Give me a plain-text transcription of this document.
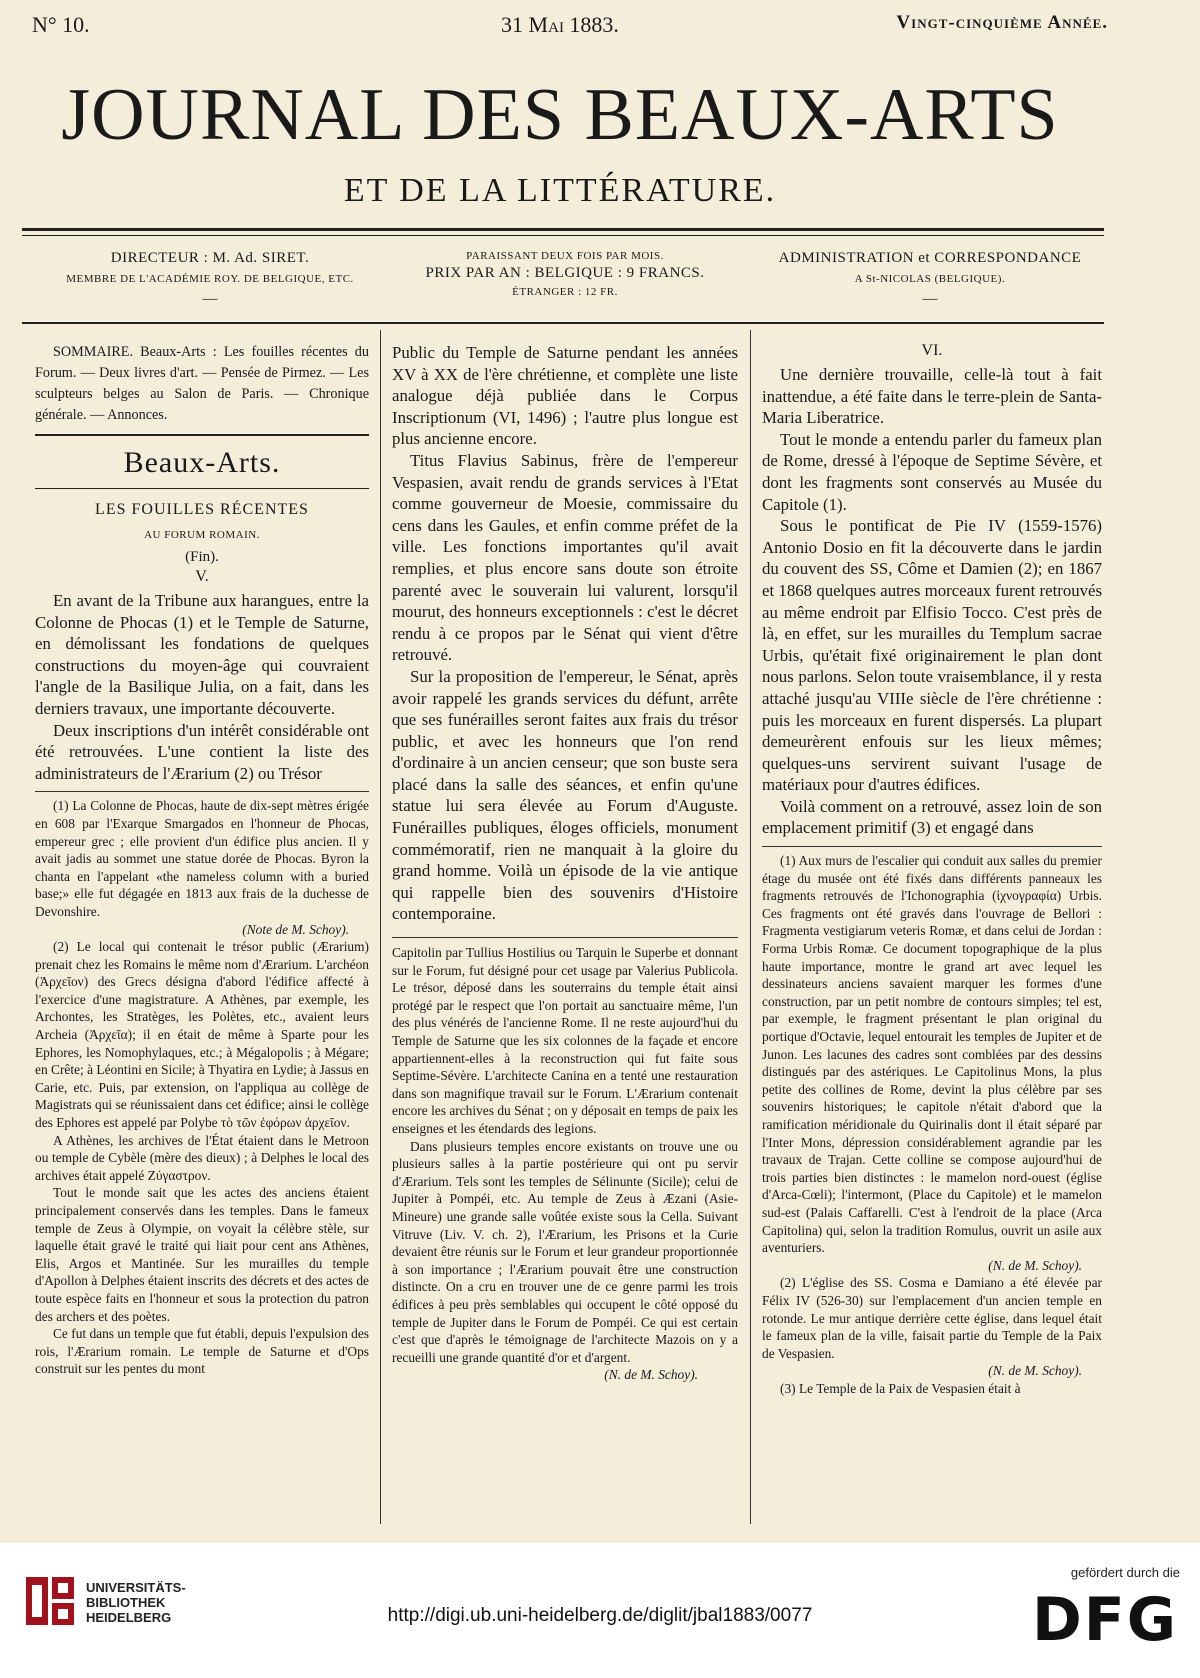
N° 10.	31 Mai 1883.	Vingt-cinquième Année.
JOURNAL DES BEAUX-ARTS
ET DE LA LITTÉRATURE.
DIRECTEUR : M. Ad. SIRET.
MEMBRE DE L'ACADÉMIE ROY. DE BELGIQUE, ETC.
—
PARAISSANT DEUX FOIS PAR MOIS.
PRIX PAR AN : BELGIQUE : 9 FRANCS.
ÉTRANGER : 12 FR.
ADMINISTRATION et CORRESPONDANCE
A St-NICOLAS (BELGIQUE).
—

SOMMAIRE. Beaux-Arts : Les fouilles récentes du Forum. — Deux livres d'art. — Pensée de Pirmez. — Les sculpteurs belges au Salon de Paris. — Chronique générale. — Annonces.

Beaux-Arts.
LES FOUILLES RÉCENTES
AU FORUM ROMAIN.
(Fin).
V.

En avant de la Tribune aux harangues, entre la Colonne de Phocas (1) et le Temple de Saturne, en démolissant les fondations de quelques constructions du moyen-âge qui couvraient l'angle de la Basilique Julia, on a fait, dans les derniers travaux, une importante découverte.

Deux inscriptions d'un intérêt considérable ont été retrouvées. L'une contient la liste des administrateurs de l'Ærarium (2) ou Trésor

(1) La Colonne de Phocas, haute de dix-sept mètres érigée en 608 par l'Exarque Smargados en l'honneur de Phocas, empereur grec ; elle provient d'un édifice plus ancien. Il y avait jadis au sommet une statue dorée de Phocas. Byron la chanta en l'appelant «the nameless column with a buried base;» elle fut dégagée en 1813 aux frais de la duchesse de Devonshire.

(Note de M. Schoy).

(2) Le local qui contenait le trésor public (Ærarium) prenait chez les Romains le même nom d'Ærarium. L'archéon (Ἀρχεῖον) des Grecs désigna d'abord l'édifice affecté à l'exercice d'une magistrature. A Athènes, par exemple, les Archontes, les Stratèges, les Polètes, etc., avaient leurs Archeia (Ἀρχεῖα); il en était de même à Sparte pour les Ephores, les Nomophylaques, etc.; à Mégalopolis ; à Mégare; en Crête; à Léontini en Sicile; à Thyatira en Lydie; à Jassus en Carie, etc. Puis, par extension, on l'appliqua au collège de Magistrats qui se réunissaient dans cet édifice; ainsi le collège des Ephores est appelé par Polybe τὸ τῶν ἐφόρων ἀρχεῖον.

A Athènes, les archives de l'État étaient dans le Metroon ou temple de Cybèle (mère des dieux) ; à Delphes le local des archives était appelé Ζύγαστρον.

Tout le monde sait que les actes des anciens étaient principalement conservés dans les temples. Dans le fameux temple de Zeus à Olympie, on voyait la célèbre stèle, sur laquelle était gravé le traité qui liait pour cent ans Athènes, Elis, Argos et Mantinée. Sur les murailles du temple d'Apollon à Delphes étaient inscrits des décrets et des actes de toute espèce faits en l'honneur et sous la protection du patron des archers et des poètes.

Ce fut dans un temple que fut établi, depuis l'expulsion des rois, l'Ærarium romain. Le temple de Saturne et d'Ops construit sur les pentes du mont

Public du Temple de Saturne pendant les années XV à XX de l'ère chrétienne, et complète une liste analogue déjà publiée dans le Corpus Inscriptionum (VI, 1496) ; l'autre plus longue est plus ancienne encore.

Titus Flavius Sabinus, frère de l'empereur Vespasien, avait rendu de grands services à l'Etat comme gouverneur de Moesie, commissaire du cens dans les Gaules, et enfin comme préfet de la ville. Les fonctions importantes qu'il avait remplies, et plus encore sans doute son étroite parenté avec le souverain lui valurent, lorsqu'il mourut, des honneurs exceptionnels : c'est le décret rendu à ce propos par le Sénat qui vient d'être retrouvé.

Sur la proposition de l'empereur, le Sénat, après avoir rappelé les grands services du défunt, arrête que ses funérailles seront faites aux frais du trésor public, et avec les honneurs que l'on rend d'ordinaire à un ancien censeur; que son buste sera placé dans la salle des séances, et enfin qu'une statue lui sera élevée au Forum d'Auguste. Funérailles publiques, éloges officiels, monument commémoratif, rien ne manquait à la gloire du grand homme. Voilà un épisode de la vie antique qui rappelle bien des souvenirs d'Histoire contemporaine.

Capitolin par Tullius Hostilius ou Tarquin le Superbe et donnant sur le Forum, fut désigné pour cet usage par Valerius Publicola. Le trésor, déposé dans les souterrains du temple était ainsi protégé par le respect que l'on portait au sanctuaire même, l'un des plus vénérés de l'ancienne Rome. Il ne reste aujourd'hui du Temple de Saturne que les six colonnes de la façade et encore appartiennent-elles à la reconstruction qui fut faite sous Septime-Sévère. L'architecte Canina en a tenté une restauration dans son magnifique travail sur le Forum. L'Ærarium contenait encore les archives du Sénat ; on y déposait en temps de paix les enseignes et les étendards des legions.

Dans plusieurs temples encore existants on trouve une ou plusieurs salles à la partie postérieure qui ont pu servir d'Ærarium. Tels sont les temples de Sélinunte (Sicile); celui de Jupiter à Pompéi, etc. Au temple de Zeus à Æzani (Asie-Mineure) une grande salle voûtée existe sous la Cella. Suivant Vitruve (Liv. V. ch. 2), l'Ærarium, les Prisons et la Curie devaient être réunis sur le Forum et leur grandeur proportionnée à son importance ; l'Ærarium pouvait être une construction distincte. On a cru en trouver une de ce genre parmi les trois édifices à peu près semblables qui occupent le côté opposé du temple de Jupiter dans le Forum de Pompéi. Ce qui est certain c'est que d'après le témoignage de l'architecte Mazois on y a recueilli une grande quantité d'or et d'argent.

(N. de M. Schoy).
VI.

Une dernière trouvaille, celle-là tout à fait inattendue, a été faite dans le terre-plein de Santa-Maria Liberatrice.

Tout le monde a entendu parler du fameux plan de Rome, dressé à l'époque de Septime Sévère, et dont les fragments sont conservés au Musée du Capitole (1).

Sous le pontificat de Pie IV (1559-1576) Antonio Dosio en fit la découverte dans le jardin du couvent des SS, Côme et Damien (2); en 1867 et 1868 quelques autres morceaux furent retrouvés au même endroit par Elfisio Tocco. C'est près de là, en effet, sur les murailles du Templum sacrae Urbis, qu'était fixé originairement le plan dont nous parlons. Selon toute vraisemblance, il y resta attaché jusqu'au VIIIe siècle de l'ère chrétienne : puis les morceaux en furent dispersés. La plupart demeurèrent enfouis sur les lieux mêmes; quelques-uns servirent suivant l'usage de matériaux pour d'autres édifices.

Voilà comment on a retrouvé, assez loin de son emplacement primitif (3) et engagé dans

(1) Aux murs de l'escalier qui conduit aux salles du premier étage du musée ont été fixés dans différents panneaux les fragments retrouvés de l'Ichonographia (ἰχνογραφία) Urbis. Ces fragments ont été gravés dans l'ouvrage de Bellori : Fragmenta vestigiarum veteris Romæ, et dans celui de Jordan : Forma Urbis Romæ. Ce document topographique de la plus haute importance, montre le grand art avec lequel les dessinateurs anciens savaient marquer les formes d'une construction, par un petit nombre de contours simples; tel est, par exemple, le fragment présentant le plan original du portique d'Octavie, lequel entourait les temples de Jupiter et de Junon. Les lacunes des cadres sont comblées par des dessins distingués par des astériques. Le Capitolinus Mons, la plus petite des collines de Rome, devint la plus célèbre par ses souvenirs historiques; le capitole n'était d'abord que la ramification méridionale du Quirinalis dont il était séparé par l'Inter Mons, dépression considérablement agrandie par les travaux de Trajan. Cette colline se compose aujourd'hui de trois parties bien distinctes : le mamelon nord-ouest (église d'Arca-Cœli); l'intermont, (Place du Capitole) et le mamelon sud-est (Palais Caffarelli. C'est à l'endroit de la place (Arca Capitolina) qui, selon la tradition Romulus, ouvrit un asile aux aventuriers.

(N. de M. Schoy).

(2) L'église des SS. Cosma e Damiano a été élevée par Félix IV (526-30) sur l'emplacement d'un ancien temple en rotonde. Le mur antique derrière cette église, dans lequel était le fameux plan de la ville, faisait partie du Temple de la Paix de Vespasien.

(N. de M. Schoy).

(3) Le Temple de la Paix de Vespasien était à

UNIVERSITÄTS-
BIBLIOTHEK
HEIDELBERG	http://digi.ub.uni-heidelberg.de/diglit/jbal1883/0077
gefördert durch die
DFG
